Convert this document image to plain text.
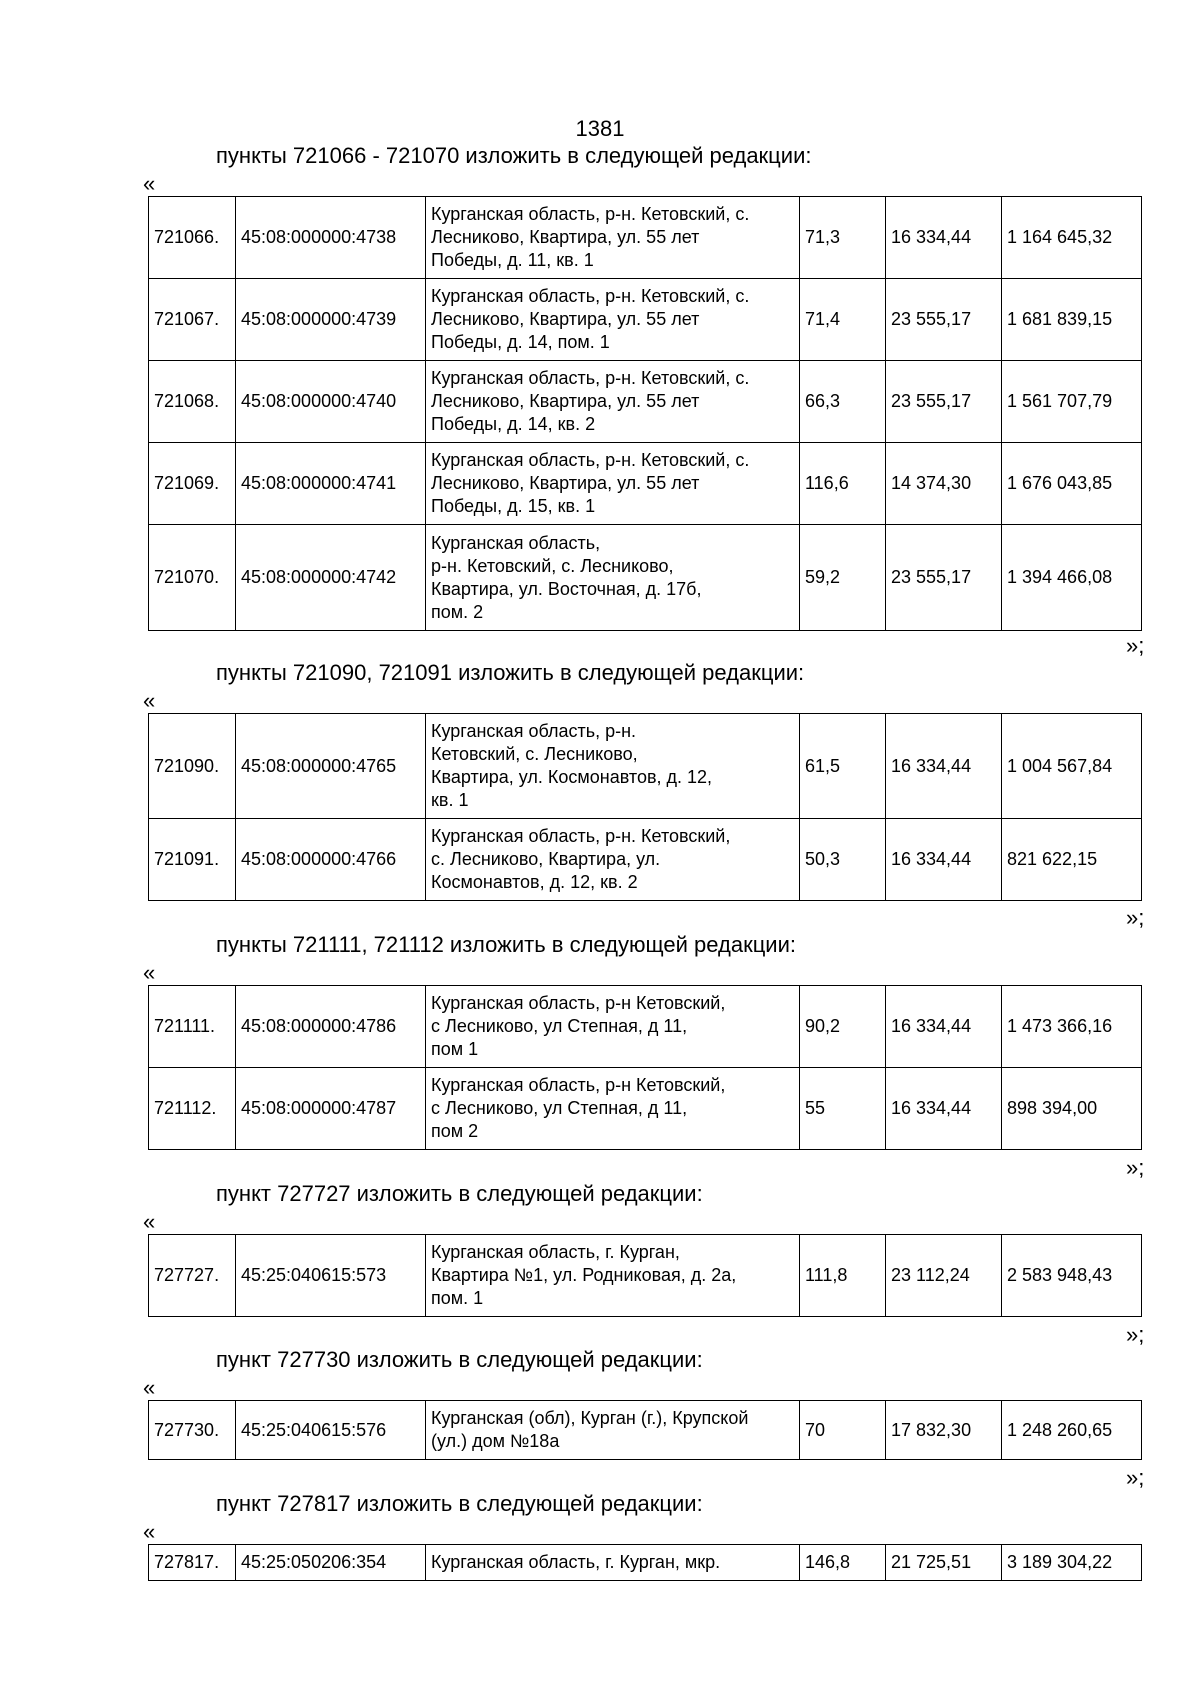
1381
пункты 721066 - 721070 изложить в следующей редакции:
«
721066.	45:08:000000:4738	Курганская область, р-н. Кетовский, с.
Лесниково, Квартира, ул. 55 лет
Победы, д. 11, кв. 1	71,3	16 334,44	1 164 645,32
721067.	45:08:000000:4739	Курганская область, р-н. Кетовский, с.
Лесниково, Квартира, ул. 55 лет
Победы, д. 14, пом. 1	71,4	23 555,17	1 681 839,15
721068.	45:08:000000:4740	Курганская область, р-н. Кетовский, с.
Лесниково, Квартира, ул. 55 лет
Победы, д. 14, кв. 2	66,3	23 555,17	1 561 707,79
721069.	45:08:000000:4741	Курганская область, р-н. Кетовский, с.
Лесниково, Квартира, ул. 55 лет
Победы, д. 15, кв. 1	116,6	14 374,30	1 676 043,85
721070.	45:08:000000:4742	Курганская область,
р-н. Кетовский, с. Лесниково,
Квартира, ул. Восточная, д. 17б,
пом. 2	59,2	23 555,17	1 394 466,08
»;
пункты 721090, 721091 изложить в следующей редакции:
«
721090.	45:08:000000:4765	Курганская область, р-н.
Кетовский, с. Лесниково,
Квартира, ул. Космонавтов, д. 12,
кв. 1	61,5	16 334,44	1 004 567,84
721091.	45:08:000000:4766	Курганская область, р-н. Кетовский,
с. Лесниково, Квартира, ул.
Космонавтов, д. 12, кв. 2	50,3	16 334,44	821 622,15
»;
пункты 721111, 721112 изложить в следующей редакции:
«
721111.	45:08:000000:4786	Курганская область, р-н Кетовский,
с Лесниково, ул Степная, д 11,
пом 1	90,2	16 334,44	1 473 366,16
721112.	45:08:000000:4787	Курганская область, р-н Кетовский,
с Лесниково, ул Степная, д 11,
пом 2	55	16 334,44	898 394,00
»;
пункт 727727 изложить в следующей редакции:
«
727727.	45:25:040615:573	Курганская область, г. Курган,
Квартира №1, ул. Родниковая, д. 2а,
пом. 1	111,8	23 112,24	2 583 948,43
»;
пункт 727730 изложить в следующей редакции:
«
727730.	45:25:040615:576	Курганская (обл), Курган (г.), Крупской
(ул.) дом №18а	70	17 832,30	1 248 260,65
»;
пункт 727817 изложить в следующей редакции:
«
727817.	45:25:050206:354	Курганская область, г. Курган, мкр.	146,8	21 725,51	3 189 304,22
